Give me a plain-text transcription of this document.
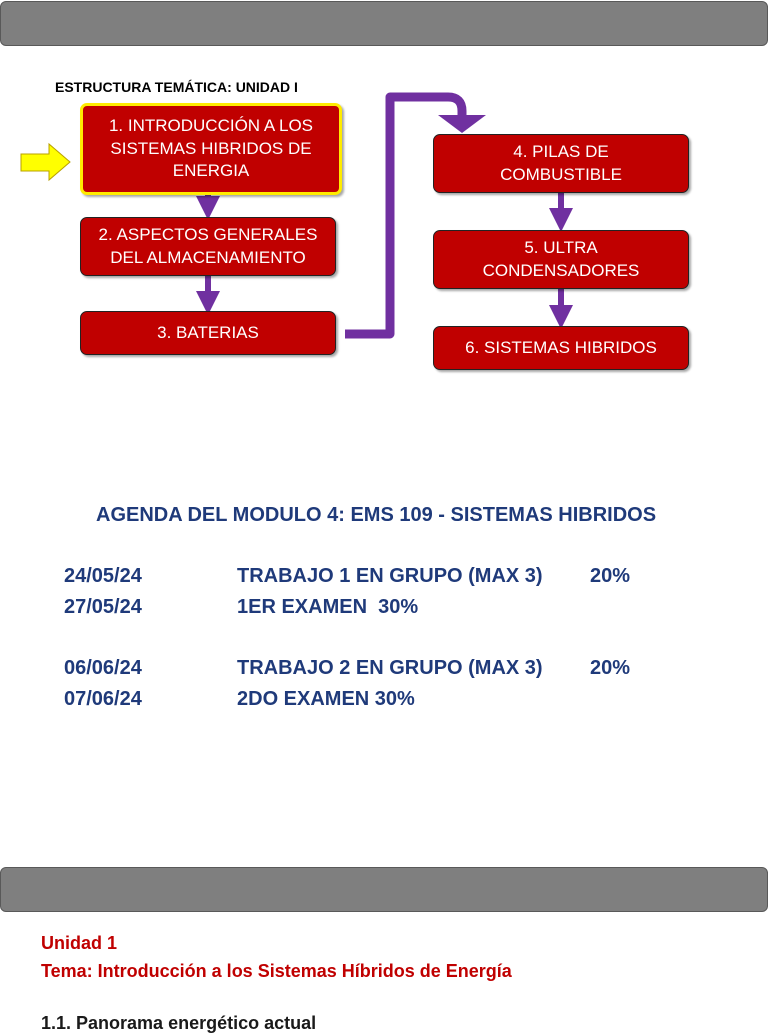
EMS 109:    SISTEMAS    HIBRIDOS    DE    ENERGIA

ESTRUCTURA TEMÁTICA: UNIDAD I
1. INTRODUCCIÓN A LOS SISTEMAS HIBRIDOS DE ENERGIA
2. ASPECTOS GENERALES DEL ALMACENAMIENTO
3. BATERIAS
4. PILAS DE COMBUSTIBLE
5. ULTRA CONDENSADORES
6. SISTEMAS HIBRIDOS
AGENDA DEL MODULO 4: EMS 109 - SISTEMAS HIBRIDOS
24/05/24	TRABAJO 1 EN GRUPO (MAX 3) 20%
27/05/24	1ER EXAMEN  30%
06/06/24	TRABAJO 2 EN GRUPO (MAX 3) 20%
07/06/24	2DO EXAMEN 30%

EMS 109:    SISTEMAS    HIBRIDOS    DE    ENERGIA

Unidad 1
Tema: Introducción a los Sistemas Híbridos de Energía
1.1. Panorama energético actual
